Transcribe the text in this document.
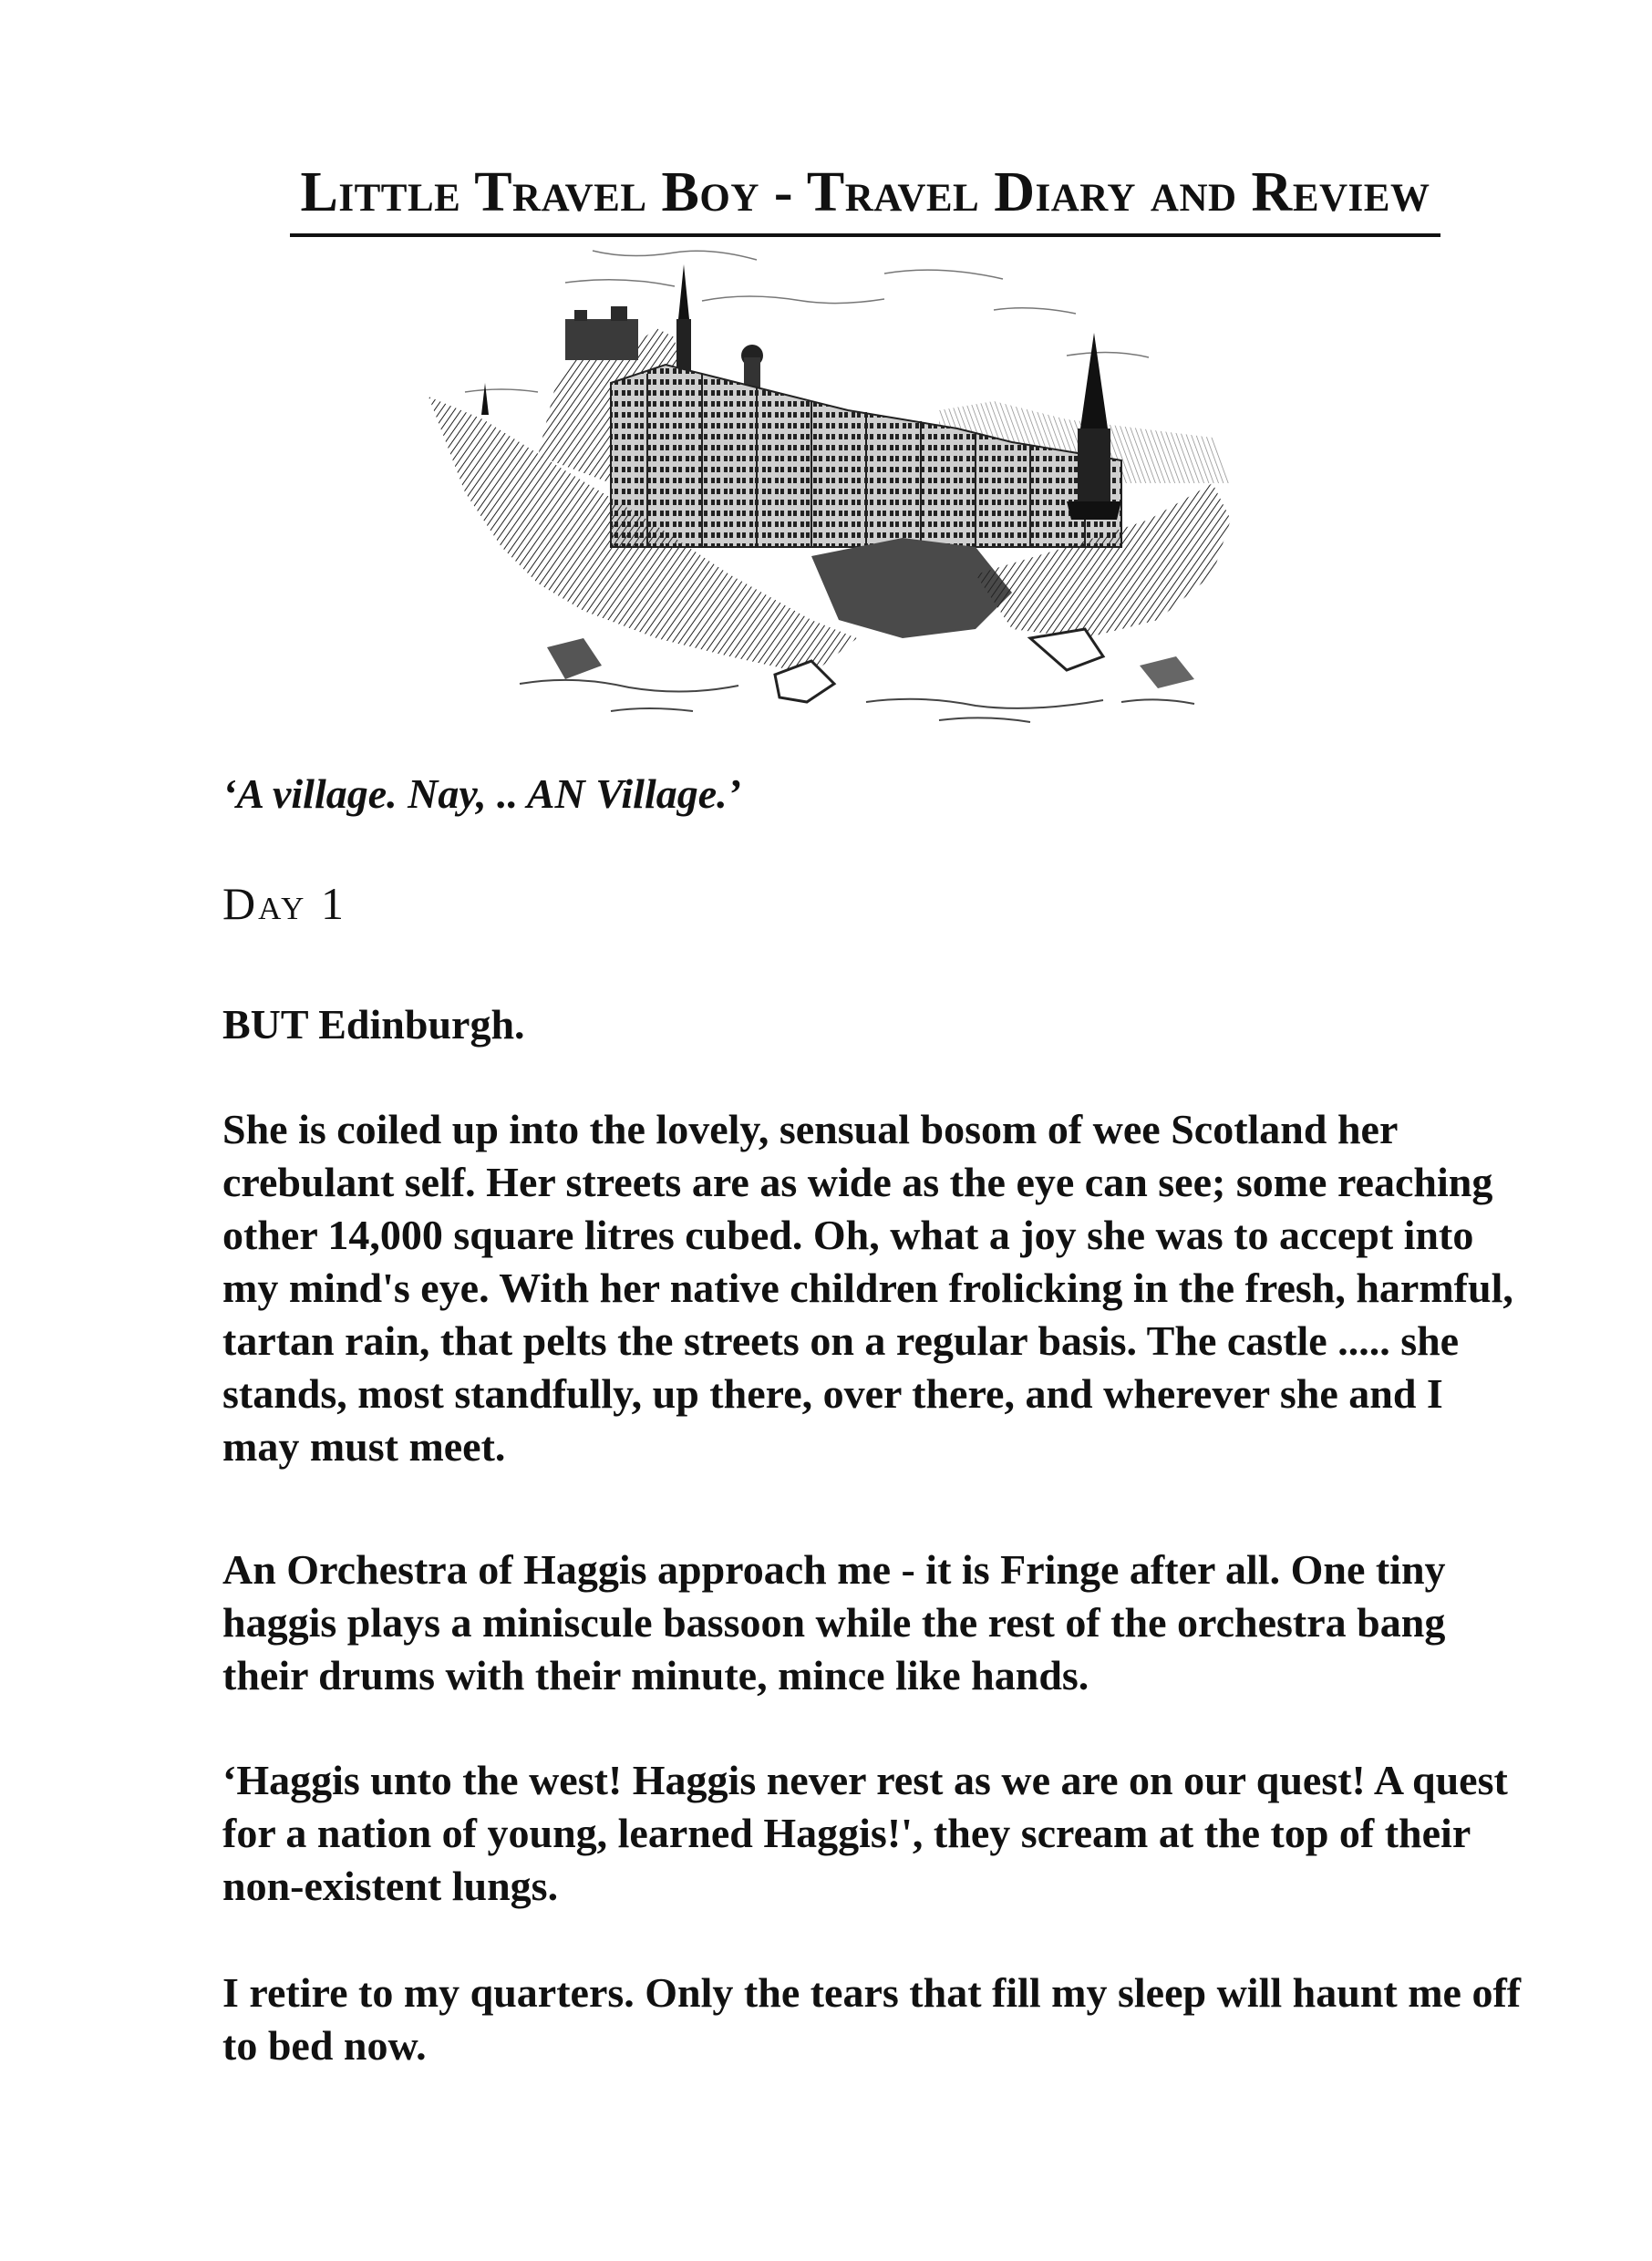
Little Travel Boy - Travel Diary and Review

‘A village. Nay, .. AN Village.’

Day 1

BUT Edinburgh.

She is coiled up into the lovely, sensual bosom of wee Scotland her crebulant self. Her streets are as wide as the eye can see; some reaching other 14,000 square litres cubed. Oh, what a joy she was to accept into my mind's eye. With her native children frolicking in the fresh, harmful, tartan rain, that pelts the streets on a regular basis. The castle ..... she stands, most standfully, up there, over there, and wherever she and I may must meet.

An Orchestra of Haggis approach me - it is Fringe after all. One tiny haggis plays a miniscule bassoon while the rest of the orchestra bang their drums with their minute, mince like hands.

‘Haggis unto the west! Haggis never rest as we are on our quest! A quest for a nation of young, learned Haggis!', they scream at the top of their non-existent lungs.

I retire to my quarters. Only the tears that fill my sleep will haunt me off to bed now.
